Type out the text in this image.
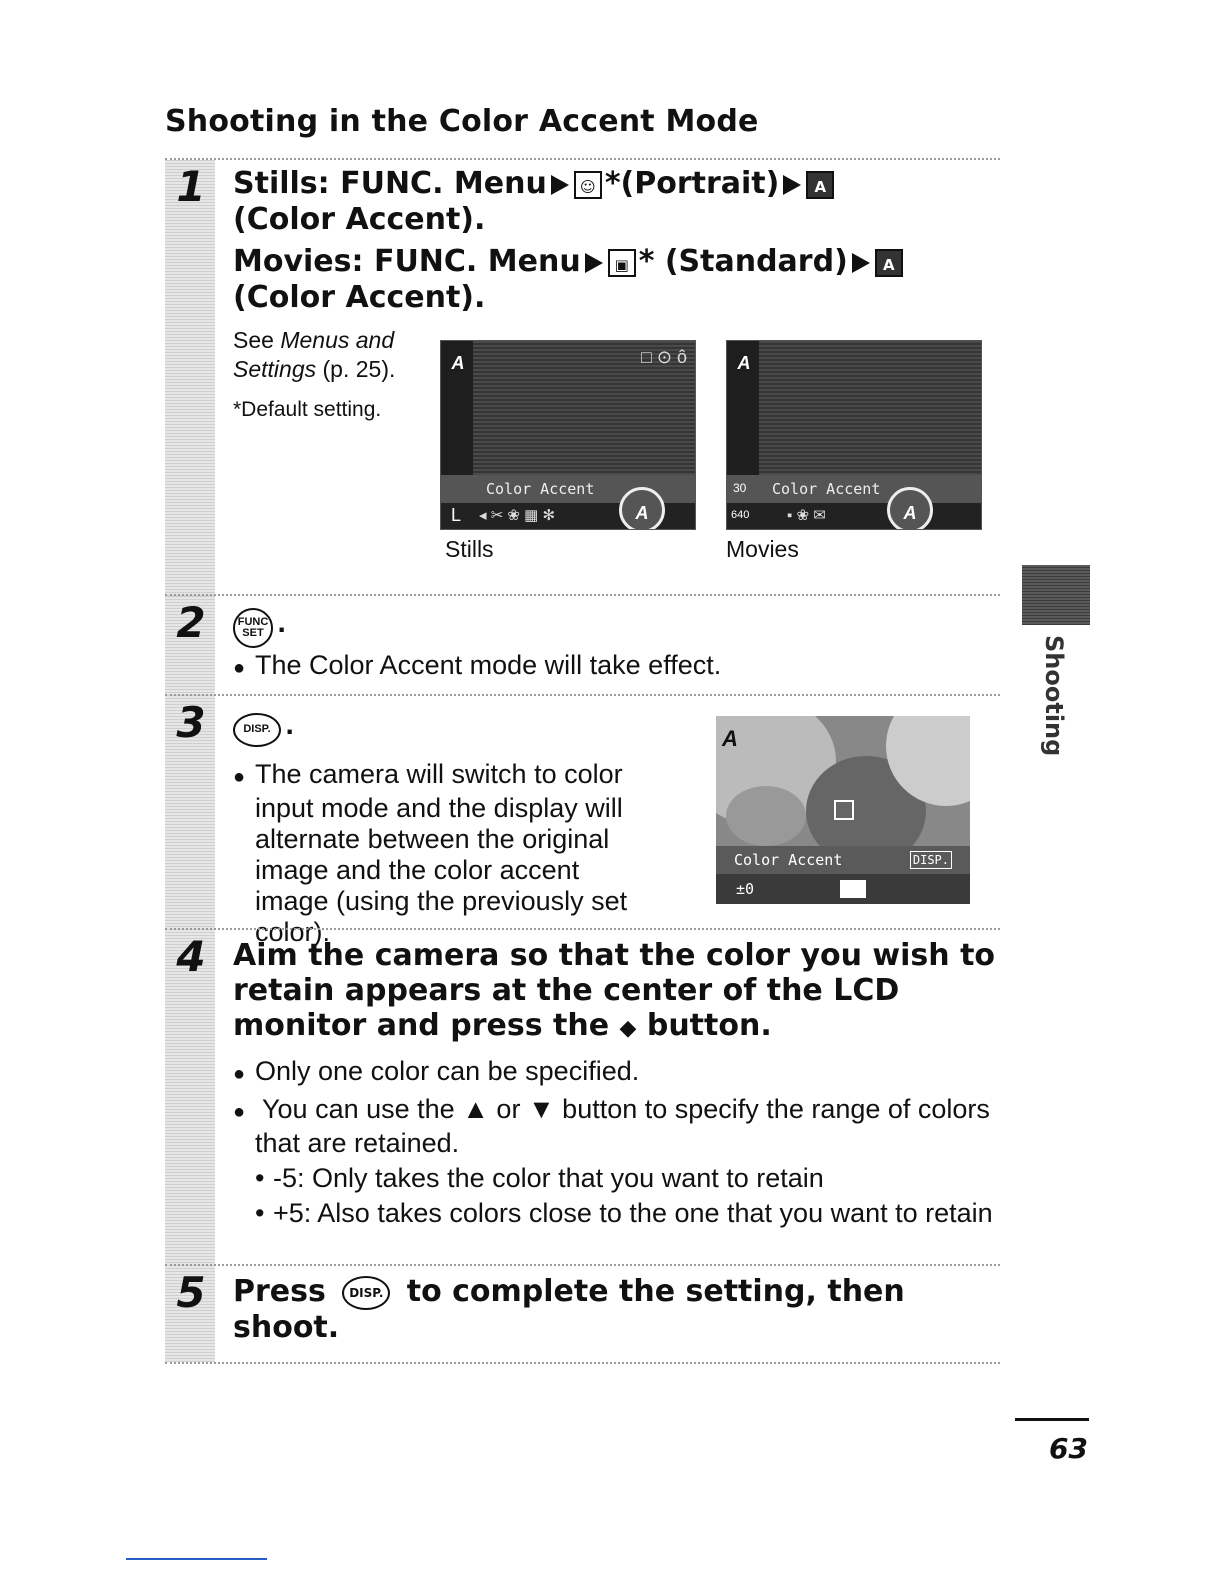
Shooting in the Color Accent Mode
1 Stills: FUNC. Menu ☺ *(Portrait) A
(Color Accent).

Movies: FUNC. Menu ▣ * (Standard) A
(Color Accent).

See Menus and Settings (p. 25).
*Default setting.
A	□ ⊙ ô
Color Accent
L ◂ ✂ ❀ ▦ ✻	A
Stills
A
Color Accent
▪ ❀ ✉
30
640	A
Movies
2	FUNC SET .
● The Color Accent mode will take effect.
3	DISP. .
● The camera will switch to color input mode and the display will alternate between the original image and the color accent image (using the previously set color).
A
Color Accent	DISP.
±0
4 Aim the camera so that the color you wish to retain appears at the center of the LCD monitor and press the ◆ button.

● Only one color can be specified.
● You can use the ▲ or ▼ button to specify the range of colors that are retained.
• -5: Only takes the color that you want to retain
• +5: Also takes colors close to the one that you want to retain
5 Press DISP. to complete the setting, then shoot.

Shooting
63
